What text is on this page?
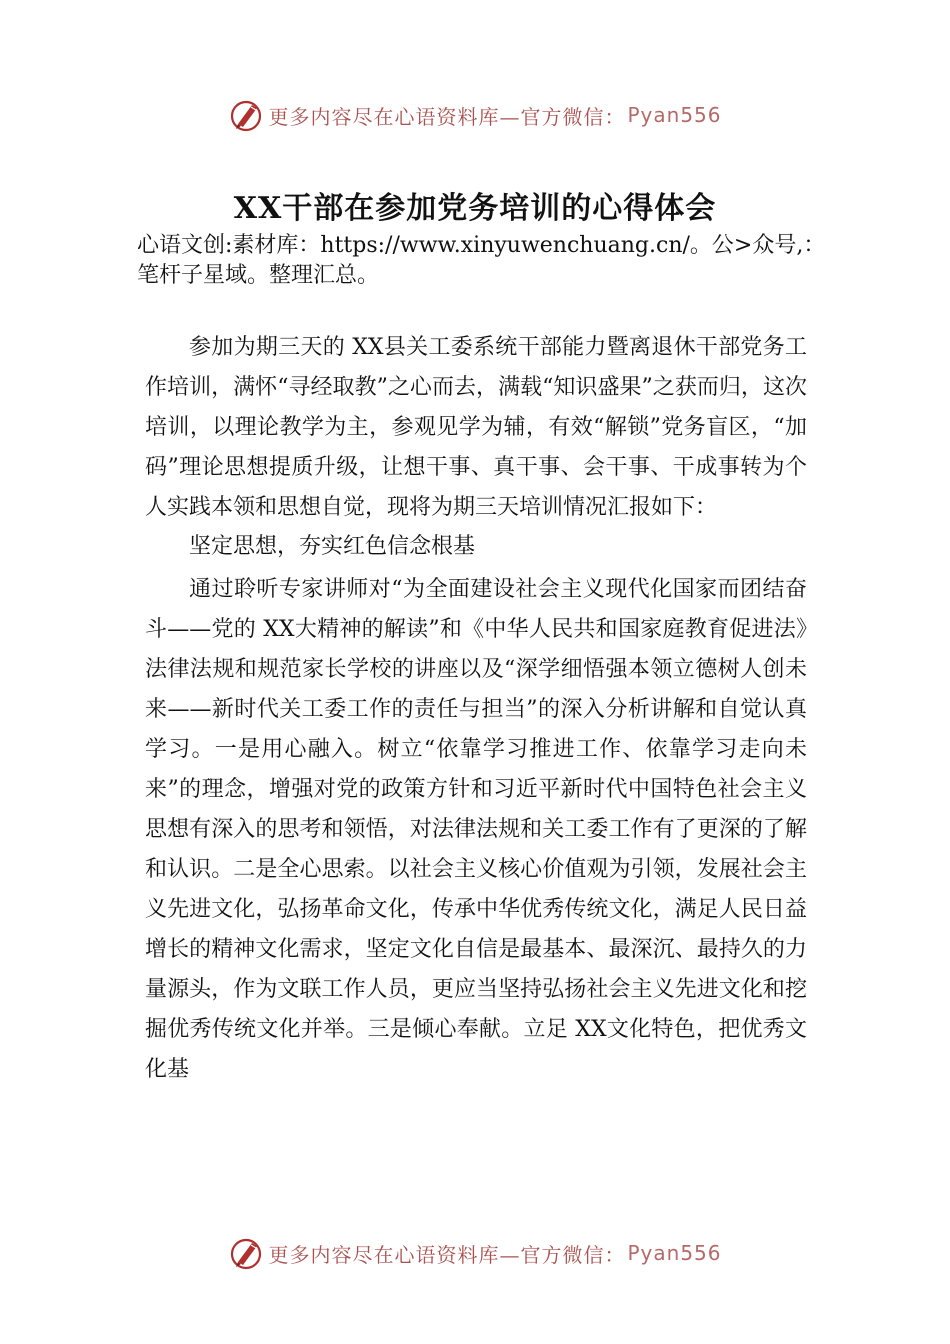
更多内容尽在心语资料库—官方微信： Pyan556
XX干部在参加党务培训的心得体会
心语文创:素材库：https://www.xinyuwenchuang.cn/。公>众号,：笔杆子星域。整理汇总。

参加为期三天的 XX县关工委系统干部能力暨离退休干部党务工作培训，满怀“寻经取教”之心而去，满载“知识盛果”之获而归，这次培训，以理论教学为主，参观见学为辅，有效“解锁”党务盲区，“加码”理论思想提质升级，让想干事、真干事、会干事、干成事转为个人实践本领和思想自觉，现将为期三天培训情况汇报如下：

坚定思想，夯实红色信念根基

通过聆听专家讲师对“为全面建设社会主义现代化国家而团结奋斗——党的 XX大精神的解读”和《中华人民共和国家庭教育促进法》法律法规和规范家长学校的讲座以及“深学细悟强本领立德树人创未来——新时代关工委工作的责任与担当”的深入分析讲解和自觉认真学习。一是用心融入。树立“依靠学习推进工作、依靠学习走向未来”的理念，增强对党的政策方针和习近平新时代中国特色社会主义思想有深入的思考和领悟，对法律法规和关工委工作有了更深的了解和认识。二是全心思索。以社会主义核心价值观为引领，发展社会主义先进文化，弘扬革命文化，传承中华优秀传统文化，满足人民日益增长的精神文化需求，坚定文化自信是最基本、最深沉、最持久的力量源头，作为文联工作人员，更应当坚持弘扬社会主义先进文化和挖掘优秀传统文化并举。三是倾心奉献。立足 XX文化特色，把优秀文化基

更多内容尽在心语资料库—官方微信： Pyan556
